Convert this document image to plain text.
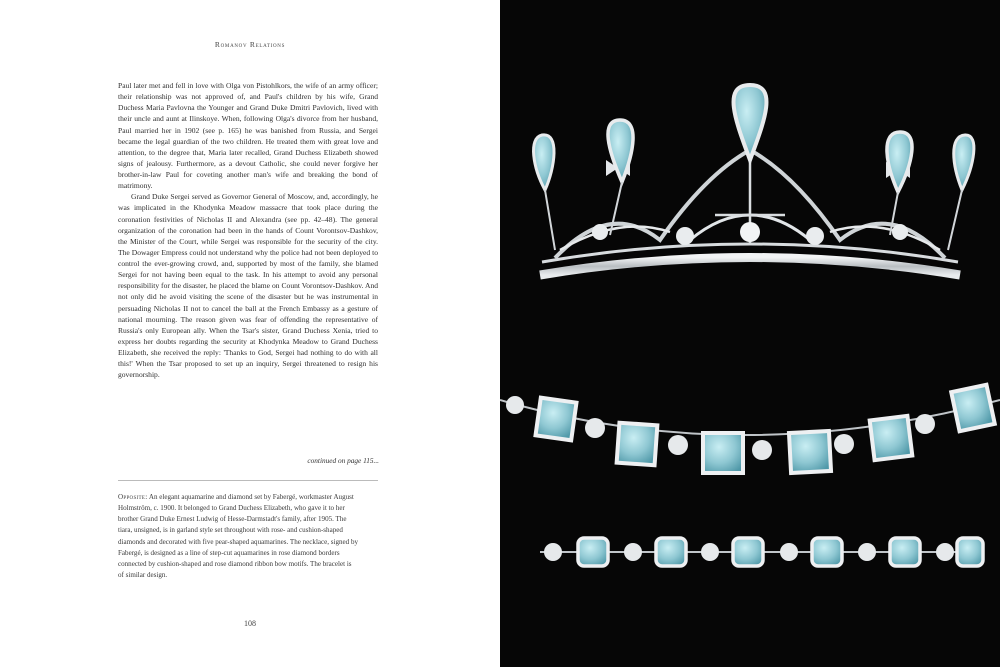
Romanov Relations

Paul later met and fell in love with Olga von Pistohlkors, the wife of an army officer; their relationship was not approved of, and Paul's children by his wife, Grand Duchess Maria Pavlovna the Younger and Grand Duke Dmitri Pavlovich, lived with their uncle and aunt at Ilinskoye. When, following Olga's divorce from her husband, Paul married her in 1902 (see p. 165) he was banished from Russia, and Sergei became the legal guardian of the two children. He treated them with great love and attention, to the degree that, Maria later recalled, Grand Duchess Elizabeth showed signs of jealousy. Furthermore, as a devout Catholic, she could never forgive her brother-in-law Paul for coveting another man's wife and breaking the bond of matrimony.

Grand Duke Sergei served as Governor General of Moscow, and, accordingly, he was implicated in the Khodynka Meadow massacre that took place during the coronation festivities of Nicholas II and Alexandra (see pp. 42–48). The general organization of the coronation had been in the hands of Count Vorontsov-Dashkov, the Minister of the Court, while Sergei was responsible for the security of the city. The Dowager Empress could not understand why the police had not been deployed to control the ever-growing crowd, and, supported by most of the family, she blamed Sergei for not having been equal to the task. In his attempt to avoid any personal responsibility for the disaster, he placed the blame on Count Vorontsov-Dashkov. And not only did he avoid visiting the scene of the disaster but he was instrumental in persuading Nicholas II not to cancel the ball at the French Embassy as a gesture of national mourning. The reason given was fear of offending the representative of Russia's only European ally. When the Tsar's sister, Grand Duchess Xenia, tried to express her doubts regarding the security at Khodynka Meadow to Grand Duchess Elizabeth, she received the reply: 'Thanks to God, Sergei had nothing to do with all this!' When the Tsar proposed to set up an inquiry, Sergei threatened to resign his governorship.

continued on page 115...
Opposite: An elegant aquamarine and diamond set by Fabergé, workmaster August Holmström, c. 1900. It belonged to Grand Duchess Elizabeth, who gave it to her brother Grand Duke Ernest Ludwig of Hesse-Darmstadt's family, after 1905. The tiara, unsigned, is in garland style set throughout with rose- and cushion-shaped diamonds and decorated with five pear-shaped aquamarines. The necklace, signed by Fabergé, is designed as a line of step-cut aquamarines in rose diamond borders connected by cushion-shaped and rose diamond ribbon bow motifs. The bracelet is of similar design.
108
